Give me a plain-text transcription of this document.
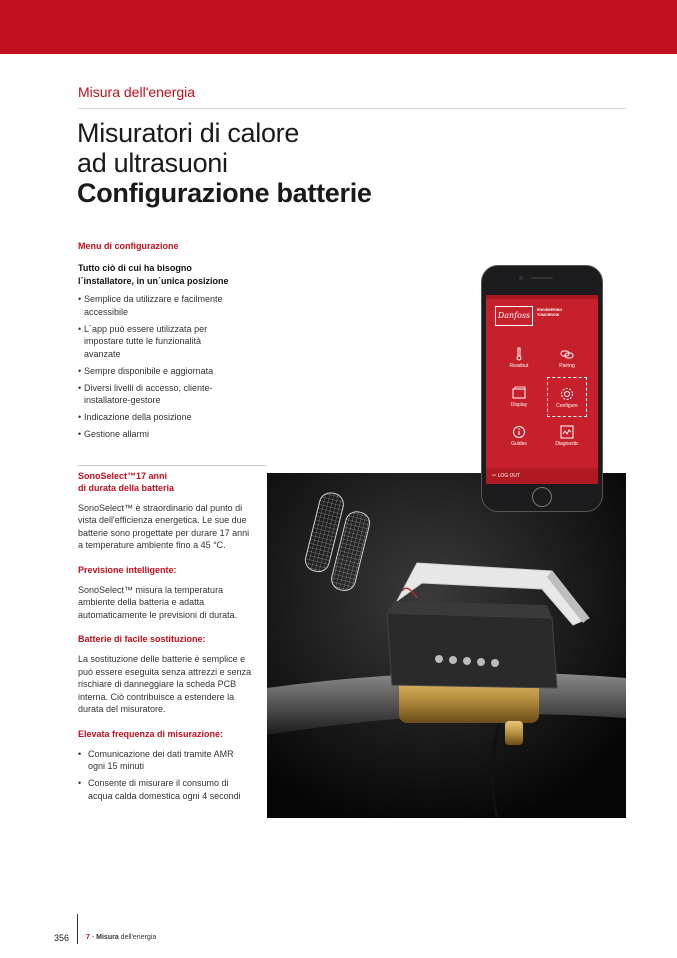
Misura dell'energia
Misuratori di calore
ad ultrasuoni
Configurazione batterie
Menu di configurazione
Tutto ciò di cui ha bisogno
l´installatore, in un´unica posizione
• Semplice da utilizzare e facilmente accessibile
• L´app può essere utilizzata per impostare tutte le funzionalità avanzate
• Sempre disponibile e aggiornata
• Diversi livelli di accesso, cliente-installatore-gestore
• Indicazione della posizione
• Gestione allarmi
SonoSelect™17 anni
di durata della batteria

SonoSelect™ è straordinario dal punto di vista dell'efficienza energetica. Le sue due batterie sono progettate per durare 17 anni a temperature ambiente fino a 45 °C.

Previsione intelligente:

SonoSelect™ misura la temperatura ambiente della batteria e adatta automaticamente le previsioni di durata.

Batterie di facile sostituzione:

La sostituzione delle batterie è semplice e può essere eseguita senza attrezzi e senza rischiare di danneggiare la scheda PCB interna. Ciò contribuisce a estendere la durata del misuratore.

Elevata frequenza di misurazione:
• Comunicazione dei dati tramite AMR ogni 15 minuti
• Consente di misurare il consumo di acqua calda domestica ogni 4 secondi
Danfoss
ENGINEERING
TOMORROW
Readout	Pairing
Display	Configure
Guides	Diagnostic
⇦ LOG OUT
356 7 - Misura dell'energia
